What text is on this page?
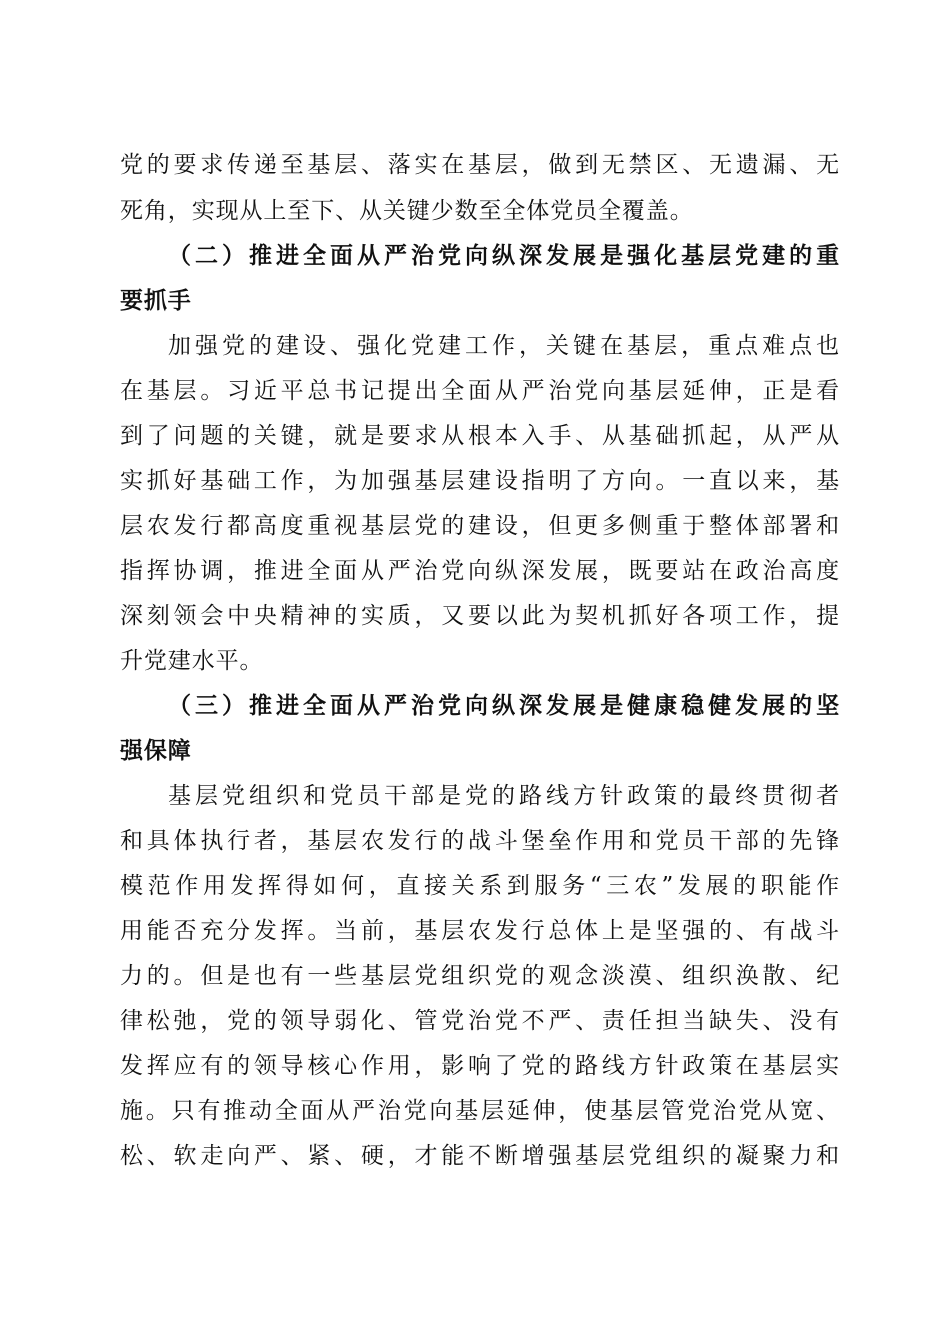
党的要求传递至基层、落实在基层，做到无禁区、无遗漏、无

死角，实现从上至下、从关键少数至全体党员全覆盖。

（二）推进全面从严治党向纵深发展是强化基层党建的重

要抓手

加强党的建设、强化党建工作，关键在基层，重点难点也

在基层。习近平总书记提出全面从严治党向基层延伸，正是看

到了问题的关键，就是要求从根本入手、从基础抓起，从严从

实抓好基础工作，为加强基层建设指明了方向。一直以来，基

层农发行都高度重视基层党的建设，但更多侧重于整体部署和

指挥协调，推进全面从严治党向纵深发展，既要站在政治高度

深刻领会中央精神的实质，又要以此为契机抓好各项工作，提

升党建水平。

（三）推进全面从严治党向纵深发展是健康稳健发展的坚

强保障

基层党组织和党员干部是党的路线方针政策的最终贯彻者

和具体执行者，基层农发行的战斗堡垒作用和党员干部的先锋

模范作用发挥得如何，直接关系到服务“三农”发展的职能作

用能否充分发挥。当前，基层农发行总体上是坚强的、有战斗

力的。但是也有一些基层党组织党的观念淡漠、组织涣散、纪

律松弛，党的领导弱化、管党治党不严、责任担当缺失、没有

发挥应有的领导核心作用，影响了党的路线方针政策在基层实

施。只有推动全面从严治党向基层延伸，使基层管党治党从宽、

松、软走向严、紧、硬，才能不断增强基层党组织的凝聚力和
